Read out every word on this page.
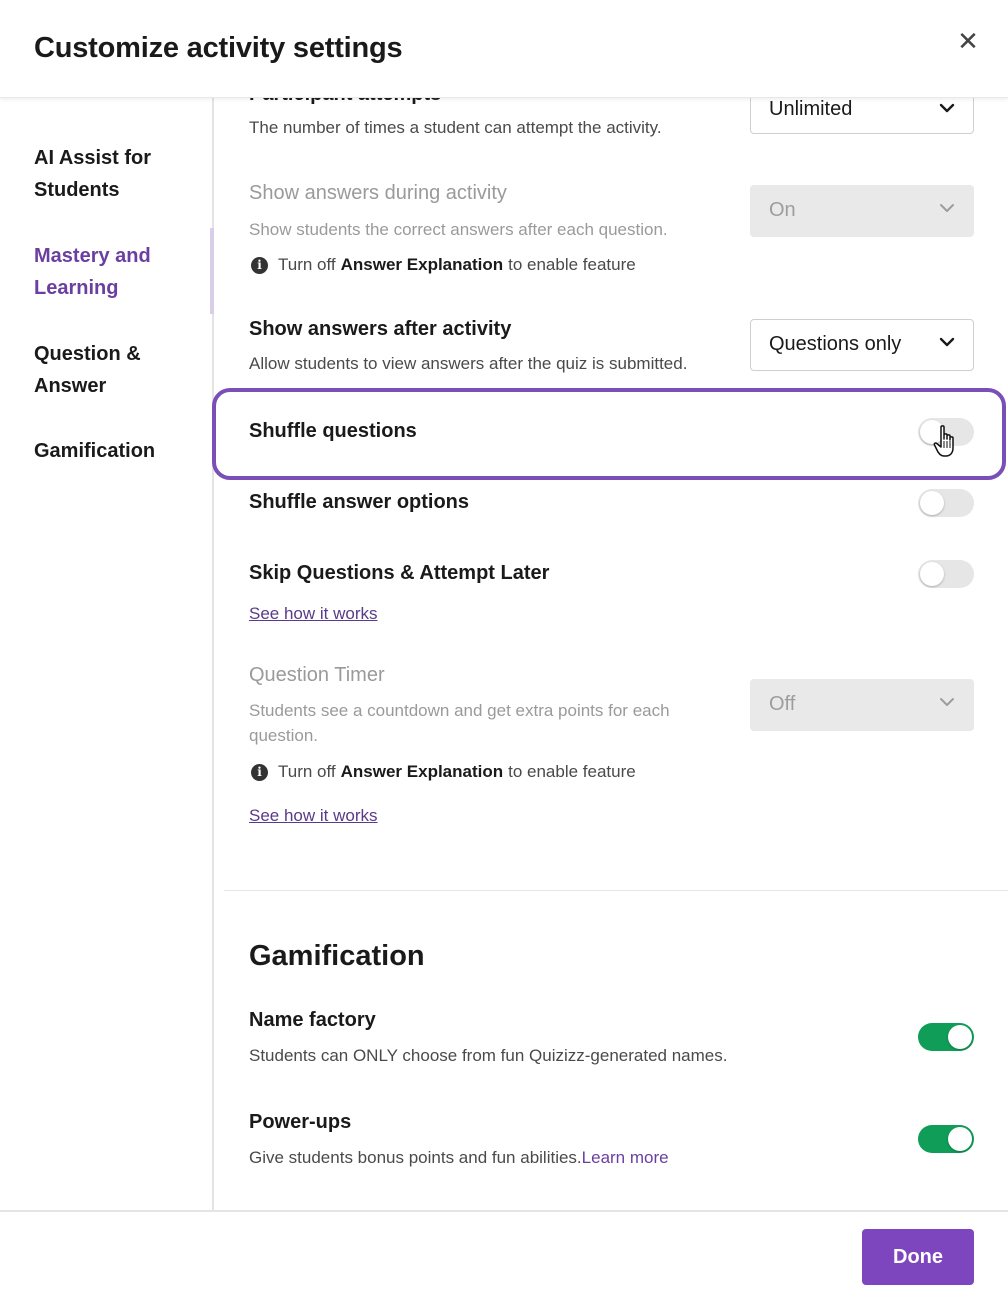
Customize activity settings	✕
AI Assist for Students
Mastery and Learning
Question & Answer
Gamification
The number of times a student can attempt the activity.
Unlimited
Show answers during activity
Show students the correct answers after each question.
On
i Turn off Answer Explanation to enable feature
Show answers after activity
Allow students to view answers after the quiz is submitted.
Questions only
Shuffle questions
Shuffle answer options
Skip Questions & Attempt Later
See how it works
Question Timer
Students see a countdown and get extra points for each question.
Off
i Turn off Answer Explanation to enable feature
See how it works
Gamification
Name factory
Students can ONLY choose from fun Quizizz-generated names.
Power-ups
Give students bonus points and fun abilities.Learn more
Done
